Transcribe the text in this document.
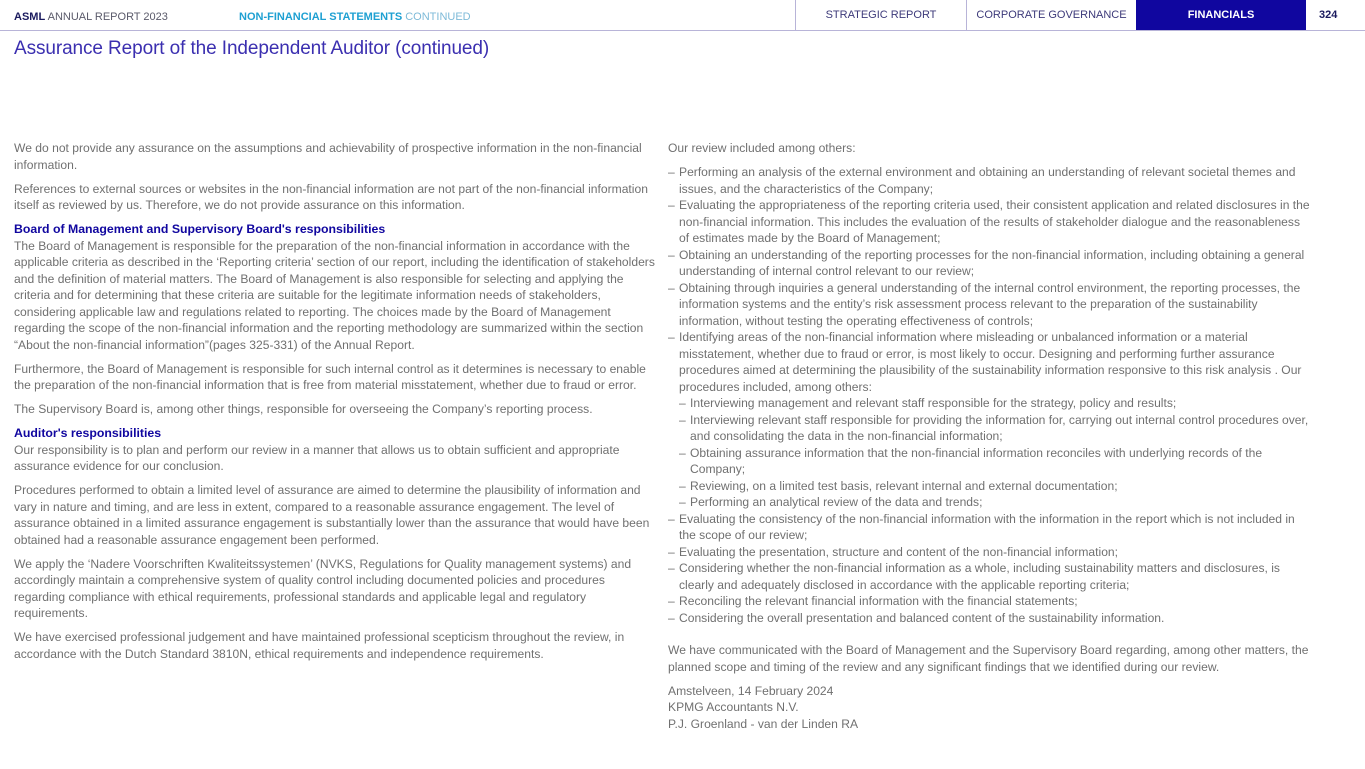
ASML ANNUAL REPORT 2023	NON-FINANCIAL STATEMENTS CONTINUED	STRATEGIC REPORT	CORPORATE GOVERNANCE	FINANCIALS	324
Assurance Report of the Independent Auditor (continued)

We do not provide any assurance on the assumptions and achievability of prospective information in the non-financial information.

References to external sources or websites in the non-financial information are not part of the non-financial information itself as reviewed by us. Therefore, we do not provide assurance on this information.

Board of Management and Supervisory Board's responsibilities

The Board of Management is responsible for the preparation of the non-financial information in accordance with the applicable criteria as described in the ‘Reporting criteria’ section of our report, including the identification of stakeholders and the definition of material matters. The Board of Management is also responsible for selecting and applying the criteria and for determining that these criteria are suitable for the legitimate information needs of stakeholders, considering applicable law and regulations related to reporting. The choices made by the Board of Management regarding the scope of the non-financial information and the reporting methodology are summarized within the section “About the non-financial information”(pages 325-331) of the Annual Report.

Furthermore, the Board of Management is responsible for such internal control as it determines is necessary to enable the preparation of the non-financial information that is free from material misstatement, whether due to fraud or error.

The Supervisory Board is, among other things, responsible for overseeing the Company’s reporting process.

Auditor's responsibilities

Our responsibility is to plan and perform our review in a manner that allows us to obtain sufficient and appropriate assurance evidence for our conclusion.

Procedures performed to obtain a limited level of assurance are aimed to determine the plausibility of information and vary in nature and timing, and are less in extent, compared to a reasonable assurance engagement. The level of assurance obtained in a limited assurance engagement is substantially lower than the assurance that would have been obtained had a reasonable assurance engagement been performed.

We apply the ‘Nadere Voorschriften Kwaliteitssystemen’ (NVKS, Regulations for Quality management systems) and accordingly maintain a comprehensive system of quality control including documented policies and procedures regarding compliance with ethical requirements, professional standards and applicable legal and regulatory requirements.

We have exercised professional judgement and have maintained professional scepticism throughout the review, in accordance with the Dutch Standard 3810N, ethical requirements and independence requirements.

Our review included among others:

– Performing an analysis of the external environment and obtaining an understanding of relevant societal themes and issues, and the characteristics of the Company;
– Evaluating the appropriateness of the reporting criteria used, their consistent application and related disclosures in the non-financial information. This includes the evaluation of the results of stakeholder dialogue and the reasonableness of estimates made by the Board of Management;
– Obtaining an understanding of the reporting processes for the non-financial information, including obtaining a general understanding of internal control relevant to our review;
– Obtaining through inquiries a general understanding of the internal control environment, the reporting processes, the information systems and the entity’s risk assessment process relevant to the preparation of the sustainability information, without testing the operating effectiveness of controls;
– Identifying areas of the non-financial information where misleading or unbalanced information or a material misstatement, whether due to fraud or error, is most likely to occur. Designing and performing further assurance procedures aimed at determining the plausibility of the sustainability information responsive to this risk analysis . Our procedures included, among others:
– Interviewing management and relevant staff responsible for the strategy, policy and results;
– Interviewing relevant staff responsible for providing the information for, carrying out internal control procedures over, and consolidating the data in the non-financial information;
– Obtaining assurance information that the non-financial information reconciles with underlying records of the Company;
– Reviewing, on a limited test basis, relevant internal and external documentation;
– Performing an analytical review of the data and trends;
– Evaluating the consistency of the non-financial information with the information in the report which is not included in the scope of our review;
– Evaluating the presentation, structure and content of the non-financial information;
– Considering whether the non-financial information as a whole, including sustainability matters and disclosures, is clearly and adequately disclosed in accordance with the applicable reporting criteria;
– Reconciling the relevant financial information with the financial statements;
– Considering the overall presentation and balanced content of the sustainability information.

We have communicated with the Board of Management and the Supervisory Board regarding, among other matters, the planned scope and timing of the review and any significant findings that we identified during our review.

Amstelveen, 14 February 2024

KPMG Accountants N.V.

P.J. Groenland - van der Linden RA
